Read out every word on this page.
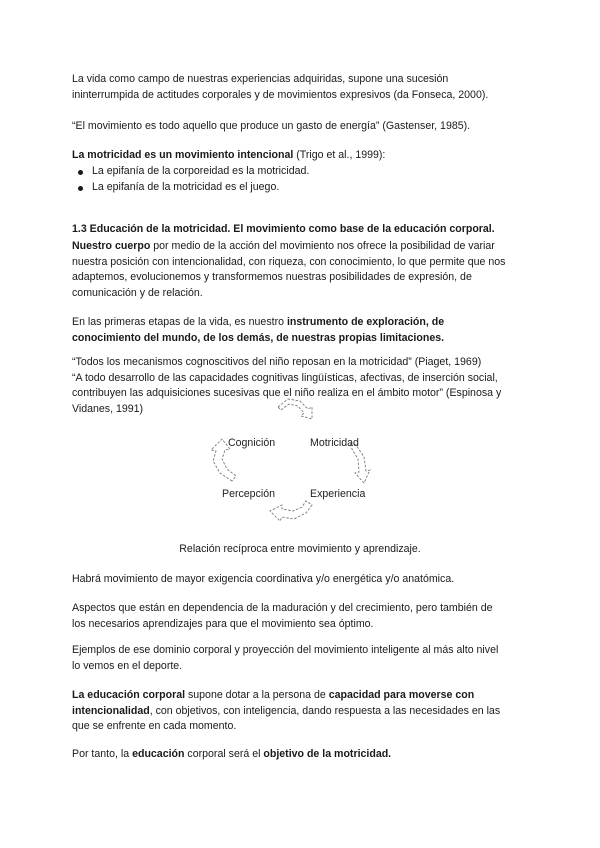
La vida como campo de nuestras experiencias adquiridas, supone una sucesión
ininterrumpida de actitudes corporales y de movimientos expresivos (da Fonseca, 2000).

“El movimiento es todo aquello que produce un gasto de energía” (Gastenser, 1985).

La motricidad es un movimiento intencional (Trigo et al., 1999):

La epifanía de la corporeidad es la motricidad.
La epifanía de la motricidad es el juego.

1.3 Educación de la motricidad. El movimiento como base de la educación corporal.

Nuestro cuerpo por medio de la acción del movimiento nos ofrece la posibilidad de variar
nuestra posición con intencionalidad, con riqueza, con conocimiento, lo que permite que nos
adaptemos, evolucionemos y transformemos nuestras posibilidades de expresión, de
comunicación y de relación.

En las primeras etapas de la vida, es nuestro instrumento de exploración, de
conocimiento del mundo, de los demás, de nuestras propias limitaciones.

“Todos los mecanismos cognoscitivos del niño reposan en la motricidad” (Piaget, 1969)
“A todo desarrollo de las capacidades cognitivas lingüísticas, afectivas, de inserción social,
contribuyen las adquisiciones sucesivas que el niño realiza en el ámbito motor” (Espinosa y
Vidanes, 1991)

Cognición	Motricidad
Percepción	Experiencia

Relación recíproca entre movimiento y aprendizaje.

Habrá movimiento de mayor exigencia coordinativa y/o energética y/o anatómica.

Aspectos que están en dependencia de la maduración y del crecimiento, pero también de
los necesarios aprendizajes para que el movimiento sea óptimo.

Ejemplos de ese dominio corporal y proyección del movimiento inteligente al más alto nivel
lo vemos en el deporte.

La educación corporal supone dotar a la persona de capacidad para moverse con
intencionalidad, con objetivos, con inteligencia, dando respuesta a las necesidades en las
que se enfrente en cada momento.

Por tanto, la educación corporal será el objetivo de la motricidad.
